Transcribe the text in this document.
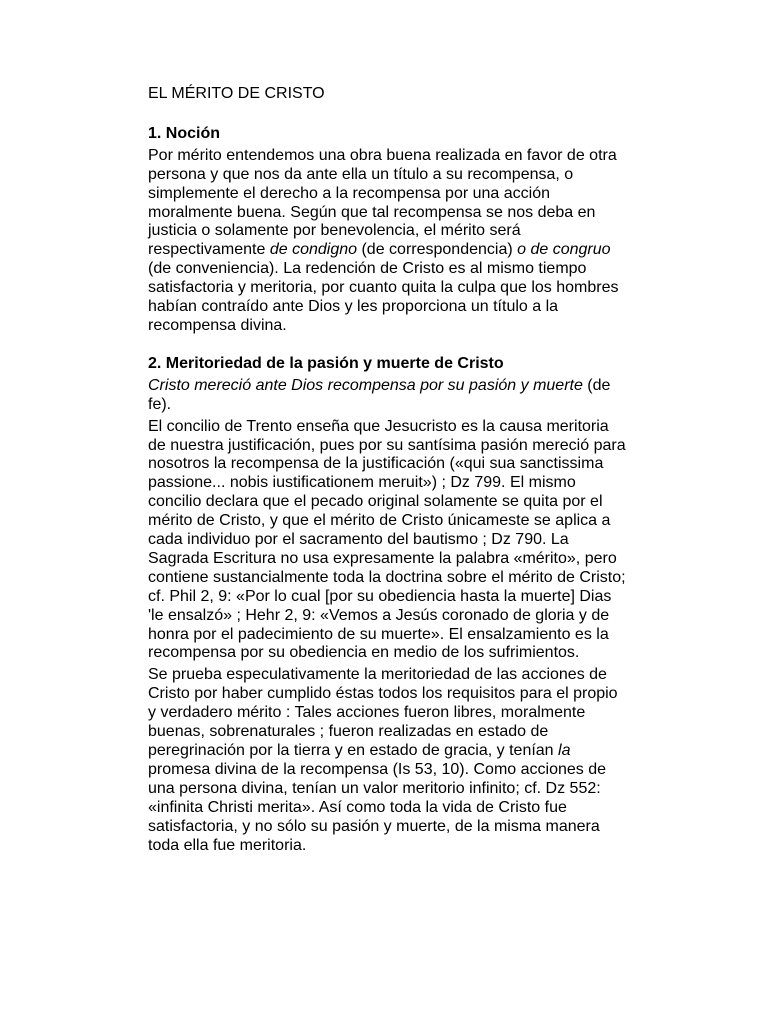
EL MÉRITO DE CRISTO
1. Noción
Por mérito entendemos una obra buena realizada en favor de otra persona y que nos da ante ella un título a su recompensa, o simplemente el derecho a la recompensa por una acción moralmente buena. Según que tal recompensa se nos deba en justicia o solamente por benevolencia, el mérito será respectivamente de condigno (de correspondencia) o de congruo (de conveniencia). La redención de Cristo es al mismo tiempo satisfactoria y meritoria, por cuanto quita la culpa que los hombres habían contraído ante Dios y les proporciona un título a la recompensa divina.
2. Meritoriedad de la pasión y muerte de Cristo
Cristo mereció ante Dios recompensa por su pasión y muerte (de fe).
El concilio de Trento enseña que Jesucristo es la causa meritoria de nuestra justificación, pues por su santísima pasión mereció para nosotros la recompensa de la justificación («qui sua sanctissima passione... nobis iustificationem meruit») ; Dz 799. El mismo concilio declara que el pecado original solamente se quita por el mérito de Cristo, y que el mérito de Cristo únicameste se aplica a cada individuo por el sacramento del bautismo ; Dz 790. La Sagrada Escritura no usa expresamente la palabra «mérito», pero contiene sustancialmente toda la doctrina sobre el mérito de Cristo; cf. Phil 2, 9: «Por lo cual [por su obediencia hasta la muerte] Dias 'le ensalzó» ; Hehr 2, 9: «Vemos a Jesús coronado de gloria y de honra por el padecimiento de su muerte». El ensalzamiento es la recompensa por su obediencia en medio de los sufrimientos.
Se prueba especulativamente la meritoriedad de las acciones de Cristo por haber cumplido éstas todos los requisitos para el propio y verdadero mérito : Tales acciones fueron libres, moralmente buenas, sobrenaturales ; fueron realizadas en estado de peregrinación por la tierra y en estado de gracia, y tenían la promesa divina de la recompensa (Is 53, 10). Como acciones de una persona divina, tenían un valor meritorio infinito; cf. Dz 552: «infinita Christi merita». Así como toda la vida de Cristo fue satisfactoria, y no sólo su pasión y muerte, de la misma manera toda ella fue meritoria.
